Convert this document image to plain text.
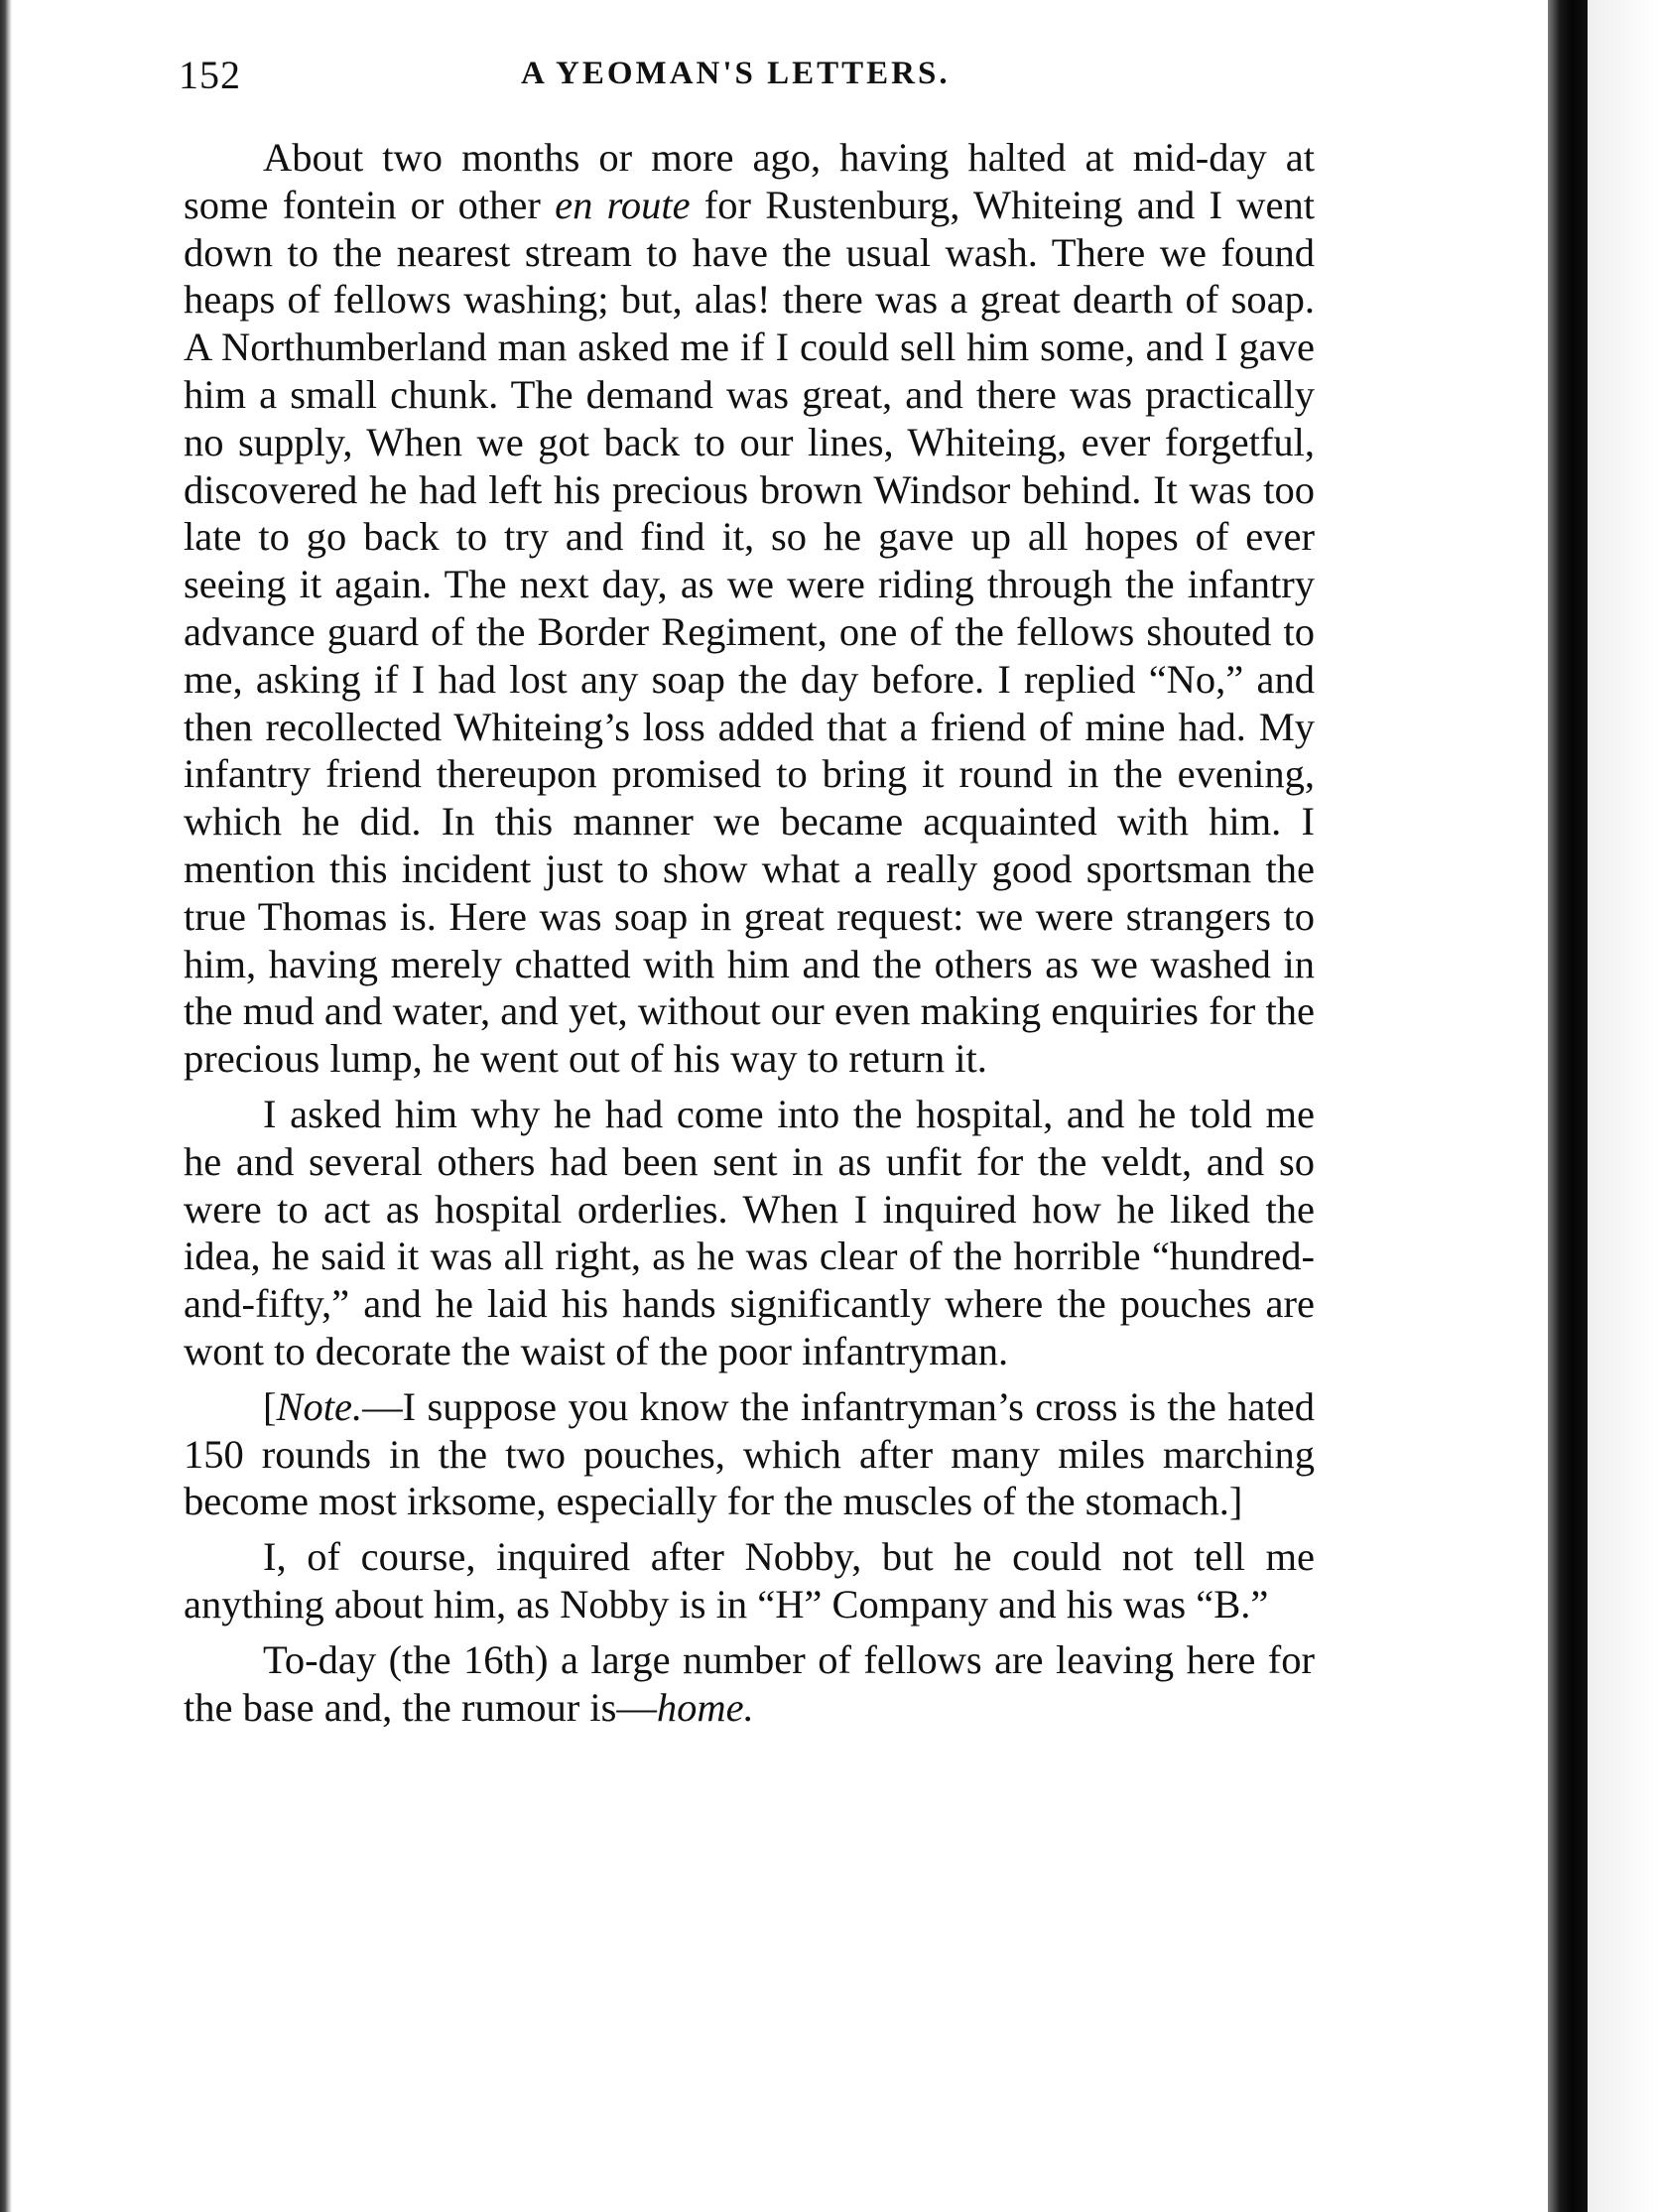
152	A YEOMAN'S LETTERS.

About two months or more ago, having halted at mid-day at some fontein or other en route for Rustenburg, Whiteing and I went down to the nearest stream to have the usual wash. There we found heaps of fellows washing; but, alas! there was a great dearth of soap. A Northumberland man asked me if I could sell him some, and I gave him a small chunk. The demand was great, and there was practically no supply, When we got back to our lines, Whiteing, ever forgetful, discovered he had left his precious brown Windsor behind. It was too late to go back to try and find it, so he gave up all hopes of ever seeing it again. The next day, as we were riding through the infantry advance guard of the Border Regiment, one of the fellows shouted to me, asking if I had lost any soap the day before. I replied “No,” and then recollected Whiteing’s loss added that a friend of mine had. My infantry friend thereupon promised to bring it round in the evening, which he did. In this manner we became acquainted with him. I mention this incident just to show what a really good sportsman the true Thomas is. Here was soap in great request: we were strangers to him, having merely chatted with him and the others as we washed in the mud and water, and yet, without our even making enquiries for the precious lump, he went out of his way to return it.

I asked him why he had come into the hospital, and he told me he and several others had been sent in as unfit for the veldt, and so were to act as hospital orderlies. When I inquired how he liked the idea, he said it was all right, as he was clear of the horrible “hundred-and-fifty,” and he laid his hands significantly where the pouches are wont to decorate the waist of the poor infantryman.

[Note.—I suppose you know the infantryman’s cross is the hated 150 rounds in the two pouches, which after many miles marching become most irksome, especially for the muscles of the stomach.]

I, of course, inquired after Nobby, but he could not tell me anything about him, as Nobby is in “H” Company and his was “B.”

To-day (the 16th) a large number of fellows are leaving here for the base and, the rumour is—home.
